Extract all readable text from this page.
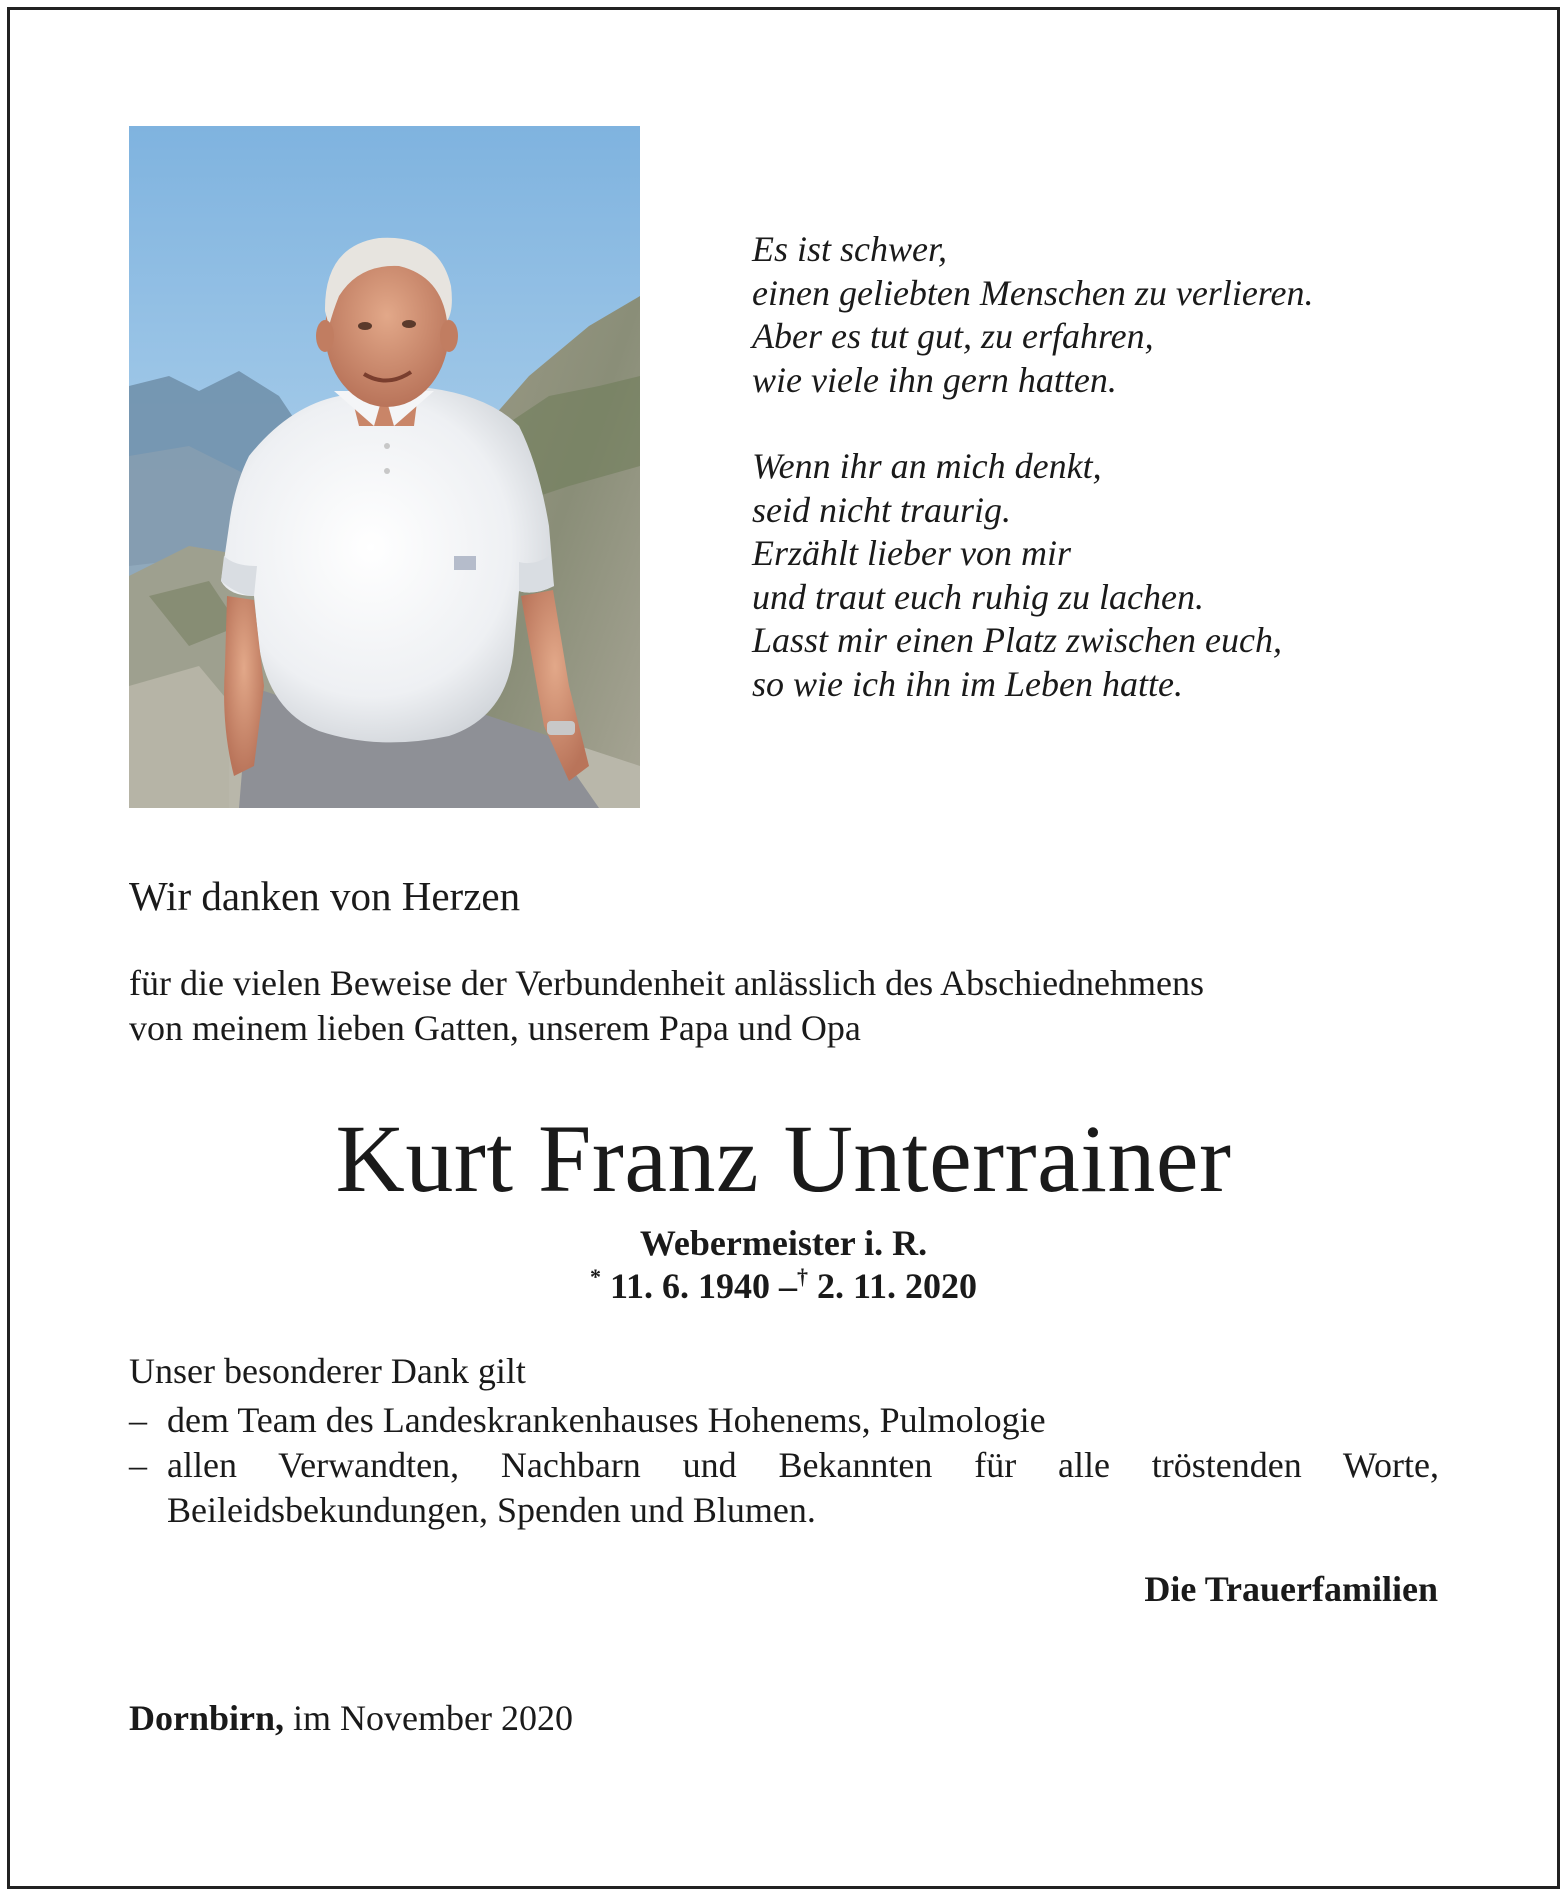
Es ist schwer,
einen geliebten Menschen zu verlieren.
Aber es tut gut, zu erfahren,
wie viele ihn gern hatten.
Wenn ihr an mich denkt,
seid nicht traurig.
Erzählt lieber von mir
und traut euch ruhig zu lachen.
Lasst mir einen Platz zwischen euch,
so wie ich ihn im Leben hatte.
Wir danken von Herzen
für die vielen Beweise der Verbundenheit anlässlich des Abschiednehmens
von meinem lieben Gatten, unserem Papa und Opa
Kurt Franz Unterrainer
Webermeister i. R.
* 11. 6. 1940 –† 2. 11. 2020
Unser besonderer Dank gilt
– dem Team des Landeskrankenhauses Hohenems, Pulmologie
– allen Verwandten, Nachbarn und Bekannten für alle tröstenden Worte,
Beileidsbekundungen, Spenden und Blumen.
Die Trauerfamilien
Dornbirn, im November 2020
